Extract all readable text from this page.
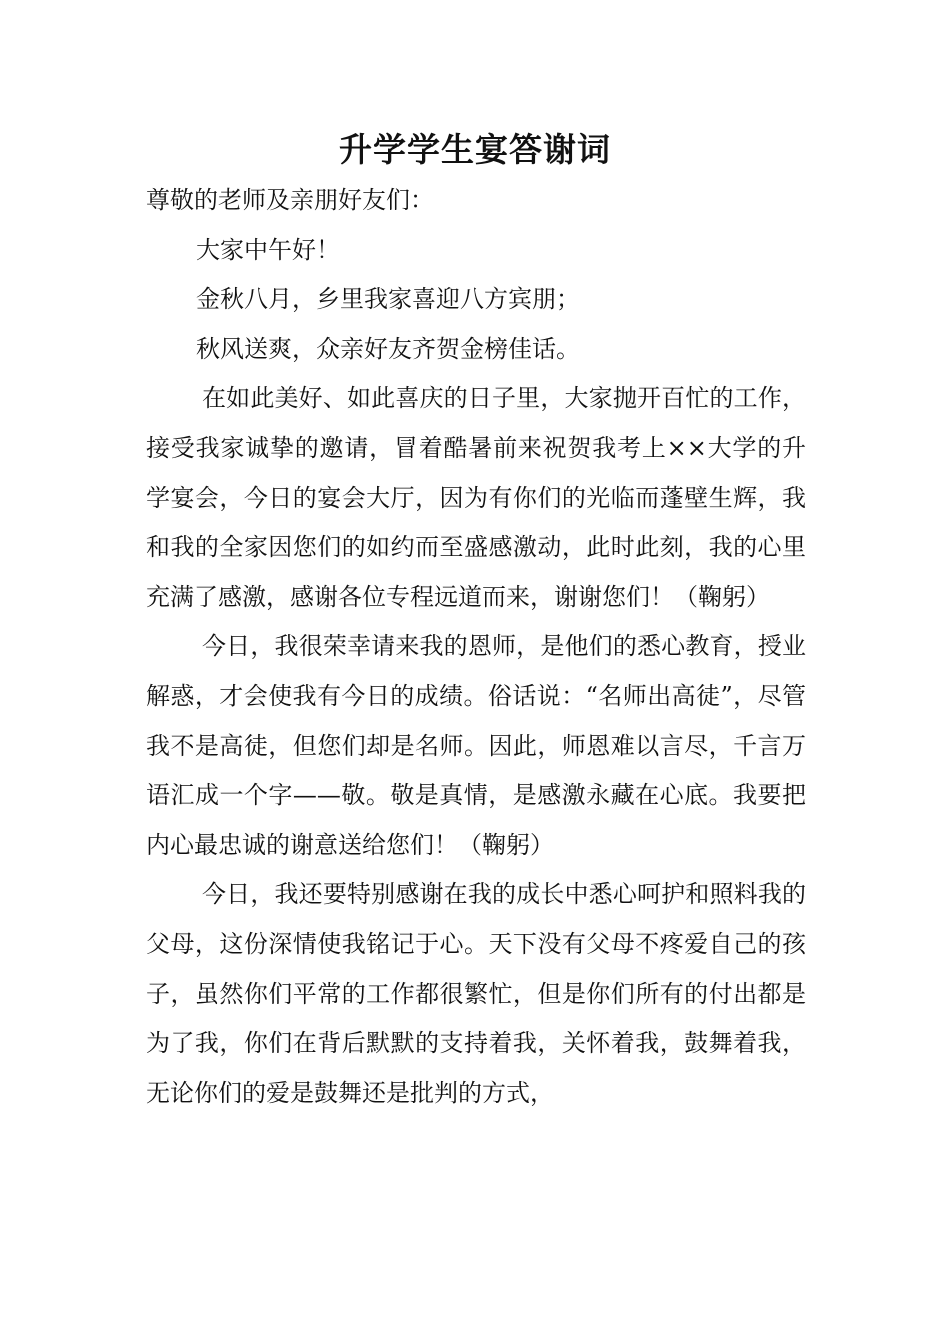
升学学生宴答谢词

尊敬的老师及亲朋好友们：

大家中午好！

金秋八月，乡里我家喜迎八方宾朋；

秋风送爽，众亲好友齐贺金榜佳话。

在如此美好、如此喜庆的日子里，大家抛开百忙的工作，接受我家诚挚的邀请，冒着酷暑前来祝贺我考上××大学的升学宴会，今日的宴会大厅，因为有你们的光临而蓬壁生辉，我和我的全家因您们的如约而至盛感激动，此时此刻，我的心里充满了感激，感谢各位专程远道而来，谢谢您们！（鞠躬）

今日，我很荣幸请来我的恩师，是他们的悉心教育，授业解惑，才会使我有今日的成绩。俗话说：“名师出高徒”，尽管我不是高徒，但您们却是名师。因此，师恩难以言尽，千言万语汇成一个字——敬。敬是真情，是感激永藏在心底。我要把内心最忠诚的谢意送给您们！（鞠躬）

今日，我还要特别感谢在我的成长中悉心呵护和照料我的父母，这份深情使我铭记于心。天下没有父母不疼爱自己的孩子，虽然你们平常的工作都很繁忙，但是你们所有的付出都是为了我，你们在背后默默的支持着我，关怀着我，鼓舞着我，无论你们的爱是鼓舞还是批判的方式，
